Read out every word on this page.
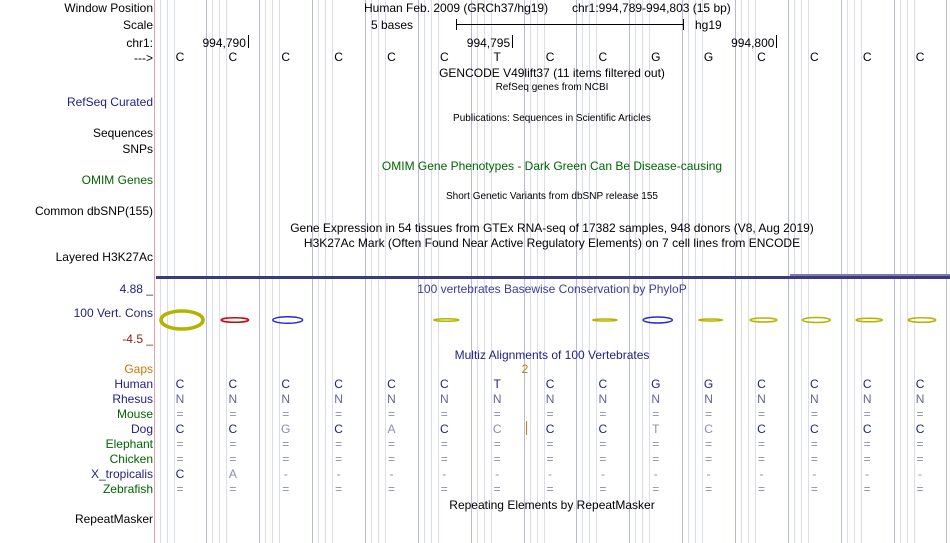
Window Position	Human Feb. 2009 (GRCh37/hg19) chr1:994,789-994,803 (15 bp)
Scale	5 bases	hg19
chr1:	994,790	994,795	994,800
---> C	C	C	C	C	C	T	C	C	G	G	C	C	C	C
GENCODE V49lift37 (11 items filtered out)
RefSeq Curated
RefSeq genes from NCBI
Sequences
Publications: Sequences in Scientific Articles
SNPs
OMIM Gene Phenotypes - Dark Green Can Be Disease-causing
OMIM Genes
Short Genetic Variants from dbSNP release 155
Common dbSNP(155)
Gene Expression in 54 tissues from GTEx RNA-seq of 17382 samples, 948 donors (V8, Aug 2019)
H3K27Ac Mark (Often Found Near Active Regulatory Elements) on 7 cell lines from ENCODE
Layered H3K27Ac
4.88 _	100 vertebrates Basewise Conservation by PhyloP
100 Vert. Cons
-4.5 _
Multiz Alignments of 100 Vertebrates
Gaps	2
Human C	C	C	C	C	C	T	C	C	G	G	C	C	C	C
Rhesus N	N	N	N	N	N	N	N	N	N	N	N	N	N	N
Mouse =	=	=	=	=	=	=	=	=	=	=	=	=	=	=
Dog C	C	G	C	A	C	C	C	C	T	C	C	C	C	C
Elephant =	=	=	=	=	=	=	=	=	=	=	=	=	=	=
Chicken =	=	=	=	=	=	=	=	=	=	=	=	=	=	=
X_tropicalis C	A	-	-	-	-	-	-	-	-	-	-	-	-	-
Zebrafish =	=	=	=	=	=	=	=	=	=	=	=	=	=	=
Repeating Elements by RepeatMasker
RepeatMasker
